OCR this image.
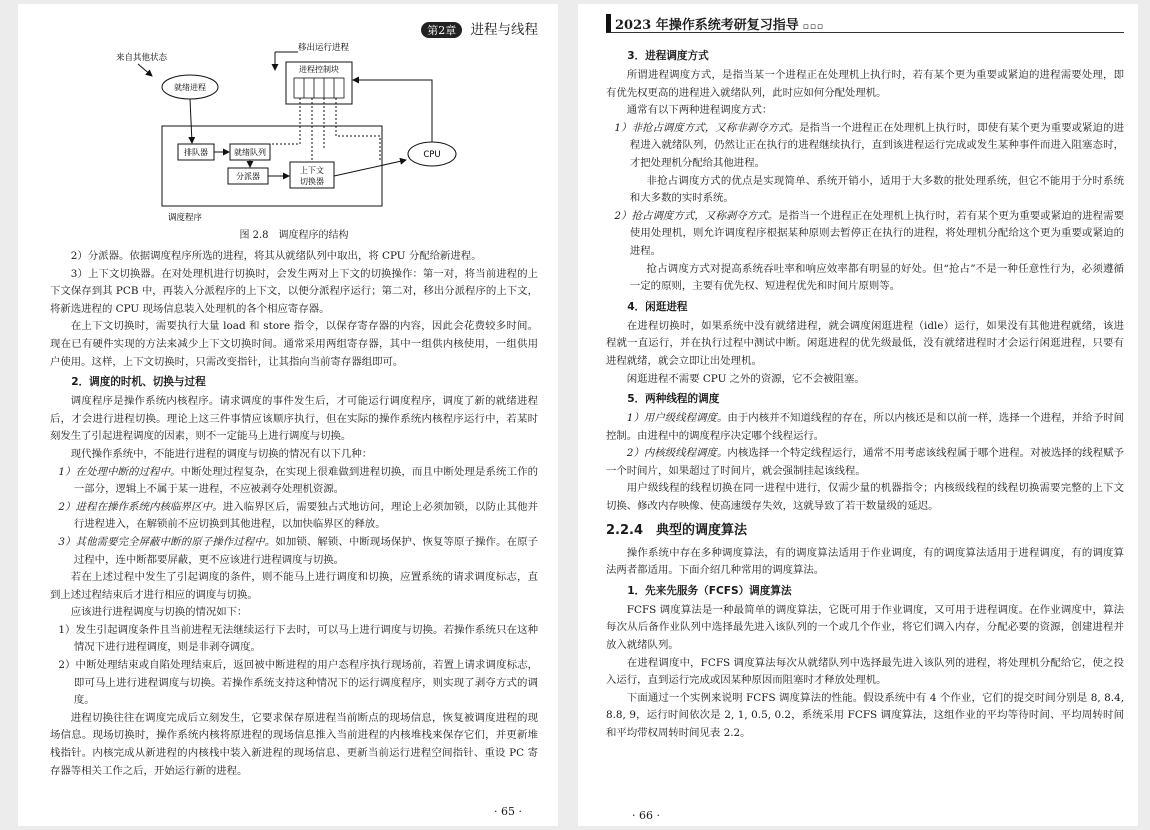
第2章 进程与线程
调度程序
来自其他状态
就绪进程
移出运行进程
进程控制块
排队器	就绪队列
分派器
上下文
切换器
CPU
图 2.8　调度程序的结构

2）分派器。依据调度程序所选的进程，将其从就绪队列中取出，将 CPU 分配给新进程。

3）上下文切换器。在对处理机进行切换时，会发生两对上下文的切换操作：第一对，将当前进程的上下文保存到其 PCB 中，再装入分派程序的上下文，以便分派程序运行；第二对，移出分派程序的上下文，将新选进程的 CPU 现场信息装入处理机的各个相应寄存器。

在上下文切换时，需要执行大量 load 和 store 指令，以保存寄存器的内容，因此会花费较多时间。现在已有硬件实现的方法来减少上下文切换时间。通常采用两组寄存器，其中一组供内核使用，一组供用户使用。这样，上下文切换时，只需改变指针，让其指向当前寄存器组即可。

2．调度的时机、切换与过程

调度程序是操作系统内核程序。请求调度的事件发生后，才可能运行调度程序，调度了新的就绪进程后，才会进行进程切换。理论上这三件事情应该顺序执行，但在实际的操作系统内核程序运行中，若某时刻发生了引起进程调度的因素，则不一定能马上进行调度与切换。

现代操作系统中，不能进行进程的调度与切换的情况有以下几种：

1）在处理中断的过程中。中断处理过程复杂，在实现上很难做到进程切换，而且中断处理是系统工作的一部分，逻辑上不属于某一进程，不应被剥夺处理机资源。

2）进程在操作系统内核临界区中。进入临界区后，需要独占式地访问，理论上必须加锁，以防止其他并行进程进入，在解锁前不应切换到其他进程，以加快临界区的释放。

3）其他需要完全屏蔽中断的原子操作过程中。如加锁、解锁、中断现场保护、恢复等原子操作。在原子过程中，连中断都要屏蔽，更不应该进行进程调度与切换。

若在上述过程中发生了引起调度的条件，则不能马上进行调度和切换，应置系统的请求调度标志，直到上述过程结束后才进行相应的调度与切换。

应该进行进程调度与切换的情况如下：

1）发生引起调度条件且当前进程无法继续运行下去时，可以马上进行调度与切换。若操作系统只在这种情况下进行进程调度，则是非剥夺调度。

2）中断处理结束或自陷处理结束后，返回被中断进程的用户态程序执行现场前，若置上请求调度标志，即可马上进行进程调度与切换。若操作系统支持这种情况下的运行调度程序，则实现了剥夺方式的调度。

进程切换往往在调度完成后立刻发生，它要求保存原进程当前断点的现场信息，恢复被调度进程的现场信息。现场切换时，操作系统内核将原进程的现场信息推入当前进程的内核堆栈来保存它们，并更新堆栈指针。内核完成从新进程的内核栈中装入新进程的现场信息、更新当前运行进程空间指针、重设 PC 寄存器等相关工作之后，开始运行新的进程。

· 65 ·
2023 年操作系统考研复习指导 ▫▫▫
3．进程调度方式

所谓进程调度方式，是指当某一个进程正在处理机上执行时，若有某个更为重要或紧迫的进程需要处理，即有优先权更高的进程进入就绪队列，此时应如何分配处理机。

通常有以下两种进程调度方式：

1）非抢占调度方式，又称非剥夺方式。是指当一个进程正在处理机上执行时，即使有某个更为重要或紧迫的进程进入就绪队列，仍然让正在执行的进程继续执行，直到该进程运行完成或发生某种事件而进入阻塞态时，才把处理机分配给其他进程。

非抢占调度方式的优点是实现简单、系统开销小，适用于大多数的批处理系统，但它不能用于分时系统和大多数的实时系统。

2）抢占调度方式，又称剥夺方式。是指当一个进程正在处理机上执行时，若有某个更为重要或紧迫的进程需要使用处理机，则允许调度程序根据某种原则去暂停正在执行的进程，将处理机分配给这个更为重要或紧迫的进程。

抢占调度方式对提高系统吞吐率和响应效率都有明显的好处。但“抢占”不是一种任意性行为，必须遵循一定的原则，主要有优先权、短进程优先和时间片原则等。

4．闲逛进程

在进程切换时，如果系统中没有就绪进程，就会调度闲逛进程（idle）运行，如果没有其他进程就绪，该进程就一直运行，并在执行过程中测试中断。闲逛进程的优先级最低，没有就绪进程时才会运行闲逛进程，只要有进程就绪，就会立即让出处理机。

闲逛进程不需要 CPU 之外的资源，它不会被阻塞。

5．两种线程的调度

1）用户级线程调度。由于内核并不知道线程的存在，所以内核还是和以前一样，选择一个进程，并给予时间控制。由进程中的调度程序决定哪个线程运行。

2）内核级线程调度。内核选择一个特定线程运行，通常不用考虑该线程属于哪个进程。对被选择的线程赋予一个时间片，如果超过了时间片，就会强制挂起该线程。

用户级线程的线程切换在同一进程中进行，仅需少量的机器指令；内核级线程的线程切换需要完整的上下文切换、修改内存映像、使高速缓存失效，这就导致了若干数量级的延迟。

2.2.4　典型的调度算法

操作系统中存在多种调度算法，有的调度算法适用于作业调度，有的调度算法适用于进程调度，有的调度算法两者都适用。下面介绍几种常用的调度算法。

1．先来先服务（FCFS）调度算法

FCFS 调度算法是一种最简单的调度算法，它既可用于作业调度，又可用于进程调度。在作业调度中，算法每次从后备作业队列中选择最先进入该队列的一个或几个作业，将它们调入内存，分配必要的资源，创建进程并放入就绪队列。

在进程调度中，FCFS 调度算法每次从就绪队列中选择最先进入该队列的进程，将处理机分配给它，使之投入运行，直到运行完成或因某种原因而阻塞时才释放处理机。

下面通过一个实例来说明 FCFS 调度算法的性能。假设系统中有 4 个作业，它们的提交时间分别是 8, 8.4, 8.8, 9，运行时间依次是 2, 1, 0.5, 0.2，系统采用 FCFS 调度算法，这组作业的平均等待时间、平均周转时间和平均带权周转时间见表 2.2。

· 66 ·
